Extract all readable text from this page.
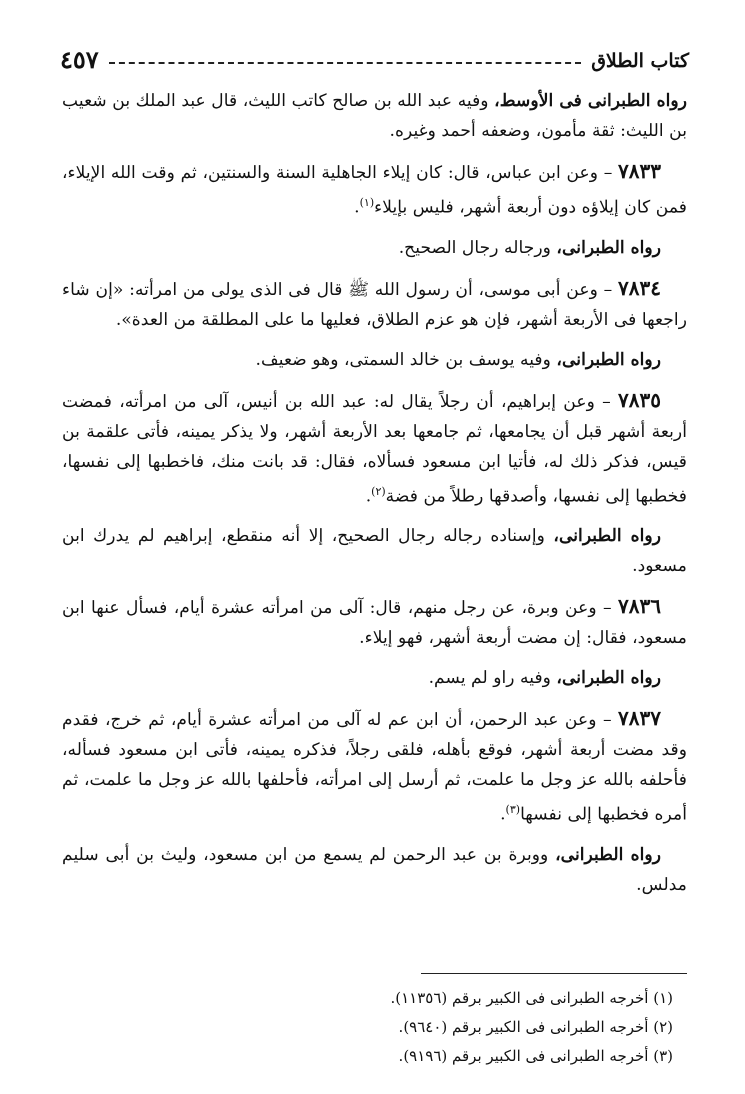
كتاب الطلاق
٤٥٧

رواه الطبرانى فى الأوسط، وفيه عبد الله بن صالح كاتب الليث، قال عبد الملك بن شعيب بن الليث: ثقة مأمون، وضعفه أحمد وغيره.

٧٨٣٣ – وعن ابن عباس، قال: كان إيلاء الجاهلية السنة والسنتين، ثم وقت الله الإيلاء، فمن كان إيلاؤه دون أربعة أشهر، فليس بإيلاء$^{(١)}$.

رواه الطبرانى، ورجاله رجال الصحيح.

٧٨٣٤ – وعن أبى موسى، أن رسول الله ﷺ قال فى الذى يولى من امرأته: «إن شاء راجعها فى الأربعة أشهر، فإن هو عزم الطلاق، فعليها ما على المطلقة من العدة».

رواه الطبرانى، وفيه يوسف بن خالد السمتى، وهو ضعيف.

٧٨٣٥ – وعن إبراهيم، أن رجلاً يقال له: عبد الله بن أنيس، آلى من امرأته، فمضت أربعة أشهر قبل أن يجامعها، ثم جامعها بعد الأربعة أشهر، ولا يذكر يمينه، فأتى علقمة بن قيس، فذكر ذلك له، فأتيا ابن مسعود فسألاه، فقال: قد بانت منك، فاخطبها إلى نفسها، فخطبها إلى نفسها، وأصدقها رطلاً من فضة$^{(٢)}$.

رواه الطبرانى، وإسناده رجاله رجال الصحيح، إلا أنه منقطع، إبراهيم لم يدرك ابن مسعود.

٧٨٣٦ – وعن وبرة، عن رجل منهم، قال: آلى من امرأته عشرة أيام، فسأل عنها ابن مسعود، فقال: إن مضت أربعة أشهر، فهو إيلاء.

رواه الطبرانى، وفيه راو لم يسم.

٧٨٣٧ – وعن عبد الرحمن، أن ابن عم له آلى من امرأته عشرة أيام، ثم خرج، فقدم وقد مضت أربعة أشهر، فوقع بأهله، فلقى رجلاً، فذكره يمينه، فأتى ابن مسعود فسأله، فأحلفه بالله عز وجل ما علمت، ثم أرسل إلى امرأته، فأحلفها بالله عز وجل ما علمت، ثم أمره فخطبها إلى نفسها$^{(٣)}$.

رواه الطبرانى، ووبرة بن عبد الرحمن لم يسمع من ابن مسعود، وليث بن أبى سليم مدلس.

(١) أخرجه الطبرانى فى الكبير برقم (١١٣٥٦).

(٢) أخرجه الطبرانى فى الكبير برقم (٩٦٤٠).

(٣) أخرجه الطبرانى فى الكبير برقم (٩١٩٦).
